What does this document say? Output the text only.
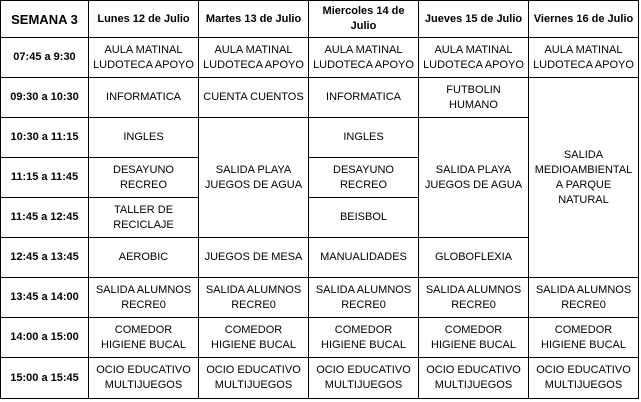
SEMANA 3	Lunes 12 de Julio	Martes 13 de Julio	Miercoles 14 de Julio	Jueves 15 de Julio	Viernes 16 de Julio
07:45 a 9:30	AULA MATINAL LUDOTECA APOYO	AULA MATINAL LUDOTECA APOYO	AULA MATINAL LUDOTECA APOYO	AULA MATINAL LUDOTECA APOYO	AULA MATINAL LUDOTECA APOYO
09:30 a 10:30	INFORMATICA	CUENTA CUENTOS	INFORMATICA	FUTBOLIN HUMANO	SALIDA MEDIOAMBIENTAL A PARQUE NATURAL
10:30 a 11:15	INGLES	SALIDA PLAYA JUEGOS DE AGUA	INGLES	SALIDA PLAYA JUEGOS DE AGUA	
11:15 a 11:45	DESAYUNO RECREO		DESAYUNO RECREO		
11:45 a 12:45	TALLER DE RECICLAJE		BEISBOL		
12:45 a 13:45	AEROBIC	JUEGOS DE MESA	MANUALIDADES	GLOBOFLEXIA	
13:45 a 14:00	SALIDA ALUMNOS RECRE0	SALIDA ALUMNOS RECRE0	SALIDA ALUMNOS RECRE0	SALIDA ALUMNOS RECRE0	SALIDA ALUMNOS RECRE0
14:00 a 15:00	COMEDOR HIGIENE BUCAL	COMEDOR HIGIENE BUCAL	COMEDOR HIGIENE BUCAL	COMEDOR HIGIENE BUCAL	COMEDOR HIGIENE BUCAL
15:00 a 15:45	OCIO EDUCATIVO MULTIJUEGOS	OCIO EDUCATIVO MULTIJUEGOS	OCIO EDUCATIVO MULTIJUEGOS	OCIO EDUCATIVO MULTIJUEGOS	OCIO EDUCATIVO MULTIJUEGOS
